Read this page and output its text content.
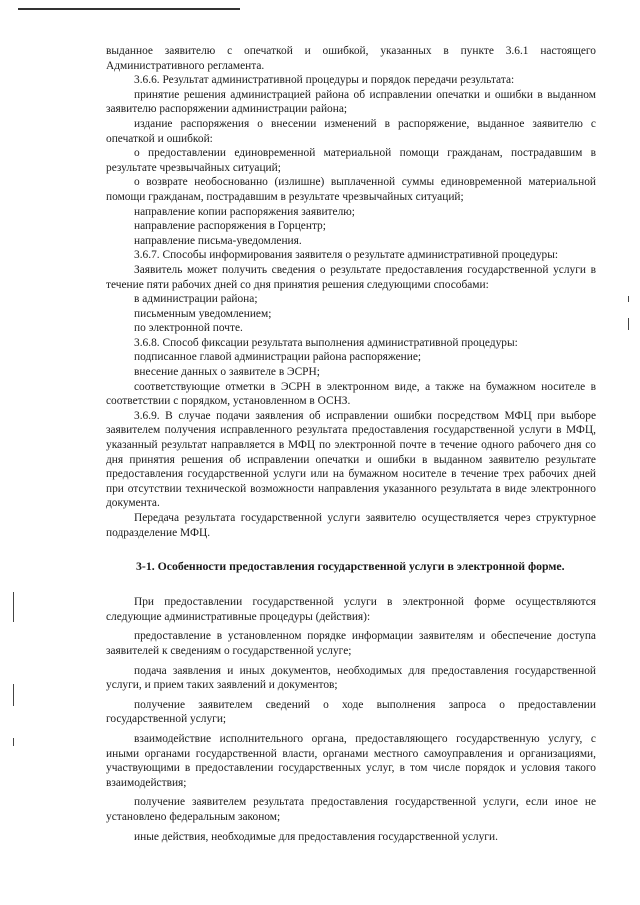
выданное заявителю с опечаткой и ошибкой, указанных в пункте 3.6.1 настоящего Административного регламента.

3.6.6. Результат административной процедуры и порядок передачи результата:

принятие решения администрацией района об исправлении опечатки и ошибки в выданном заявителю распоряжении администрации района;

издание распоряжения о внесении изменений в распоряжение, выданное заявителю с опечаткой и ошибкой:

о предоставлении единовременной материальной помощи гражданам, пострадавшим в результате чрезвычайных ситуаций;

о возврате необоснованно (излишне) выплаченной суммы единовременной материальной помощи гражданам, пострадавшим в результате чрезвычайных ситуаций;

направление копии распоряжения заявителю;

направление распоряжения в Горцентр;

направление письма-уведомления.

3.6.7. Способы информирования заявителя о результате административной процедуры:

Заявитель может получить сведения о результате предоставления государственной услуги в течение пяти рабочих дней со дня принятия решения следующими способами:

в администрации района;

письменным уведомлением;

по электронной почте.

3.6.8. Способ фиксации результата выполнения административной процедуры:

подписанное главой администрации района распоряжение;

внесение данных о заявителе в ЭСРН;

соответствующие отметки в ЭСРН в электронном виде, а также на бумажном носителе в соответствии с порядком, установленном в ОСНЗ.

3.6.9. В случае подачи заявления об исправлении ошибки посредством МФЦ при выборе заявителем получения исправленного результата предоставления государственной услуги в МФЦ, указанный результат направляется в МФЦ по электронной почте в течение одного рабочего дня со дня принятия решения об исправлении опечатки и ошибки в выданном заявителю результате предоставления государственной услуги или на бумажном носителе в течение трех рабочих дней при отсутствии технической возможности направления указанного результата в виде электронного документа.

Передача результата государственной услуги заявителю осуществляется через структурное подразделение МФЦ.

3-1. Особенности предоставления государственной услуги в электронной форме.

При предоставлении государственной услуги в электронной форме осуществляются следующие административные процедуры (действия):

предоставление в установленном порядке информации заявителям и обеспечение доступа заявителей к сведениям о государственной услуге;

подача заявления и иных документов, необходимых для предоставления государственной услуги, и прием таких заявлений и документов;

получение заявителем сведений о ходе выполнения запроса о предоставлении государственной услуги;

взаимодействие исполнительного органа, предоставляющего государственную услугу, с иными органами государственной власти, органами местного самоуправления и организациями, участвующими в предоставлении государственных услуг, в том числе порядок и условия такого взаимодействия;

получение заявителем результата предоставления государственной услуги, если иное не установлено федеральным законом;

иные действия, необходимые для предоставления государственной услуги.
